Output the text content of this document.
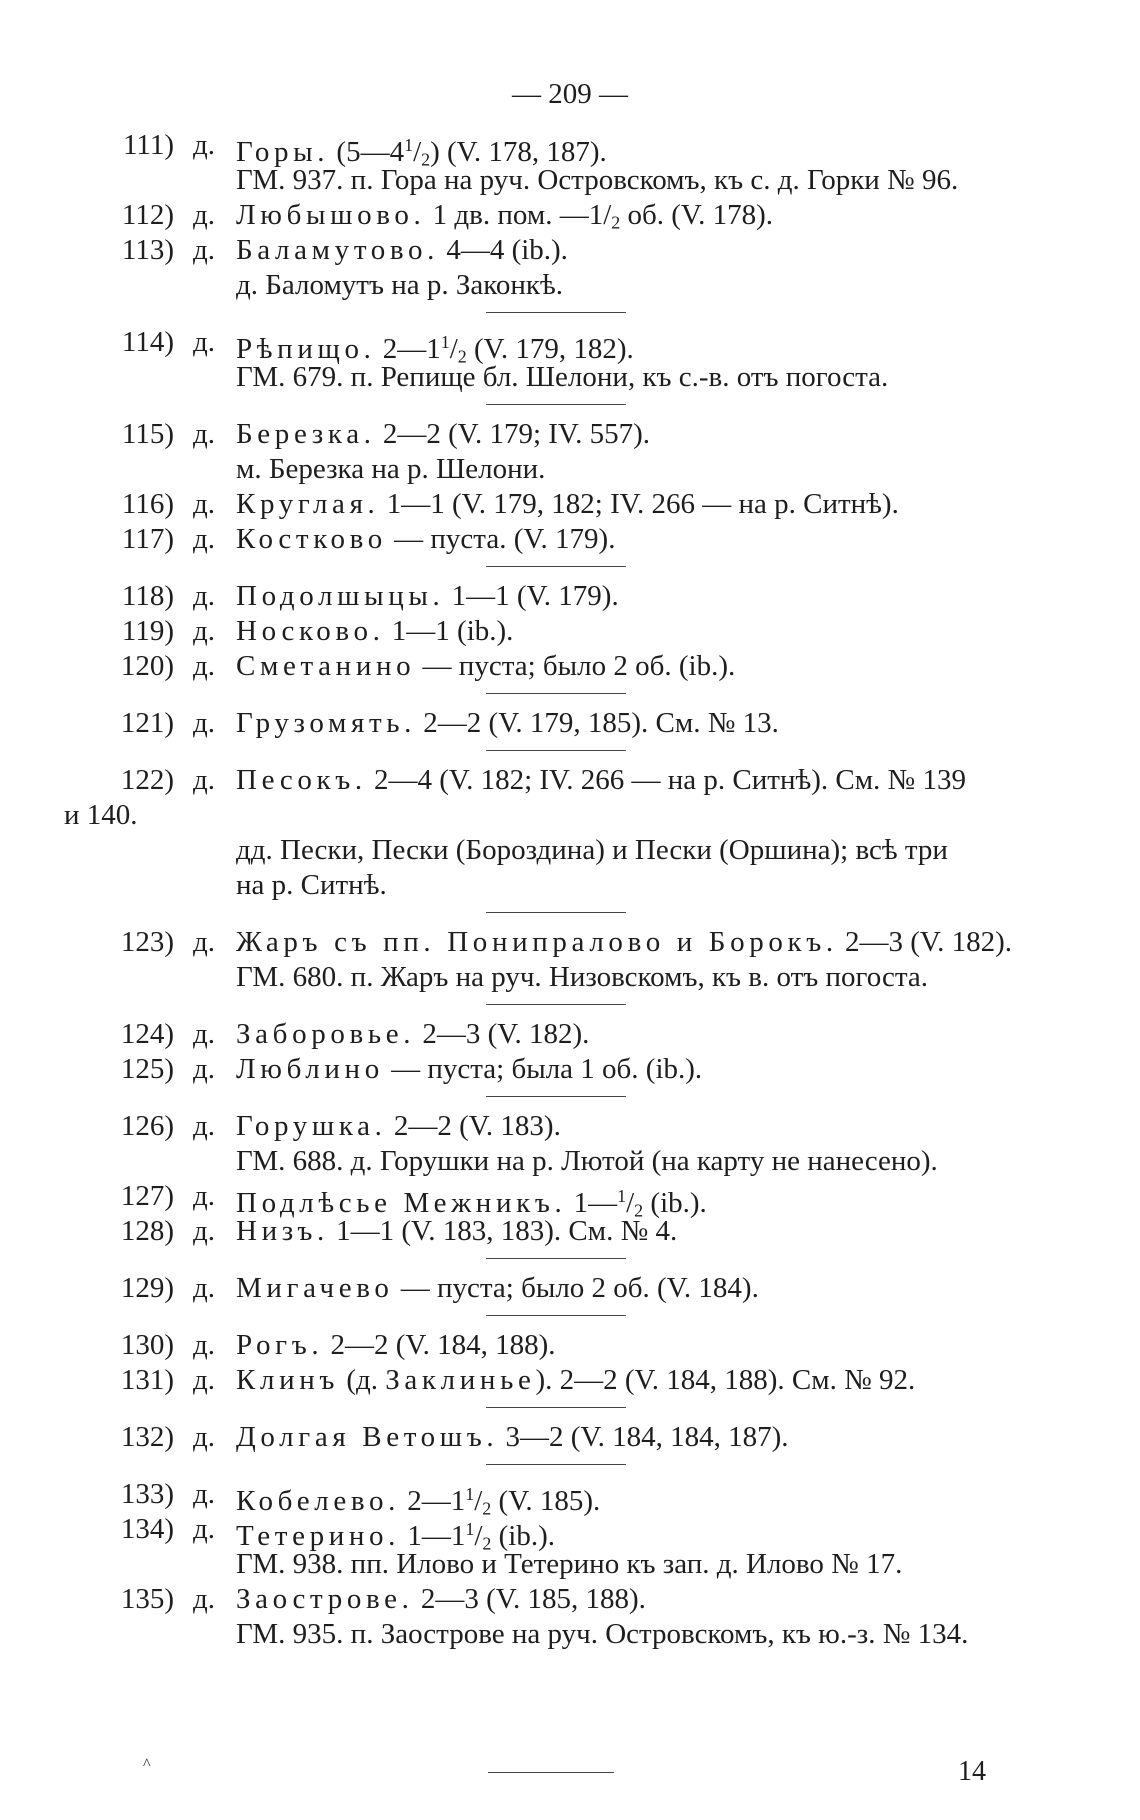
— 209 —
111) д. Горы. $(5—4^1/_2)$ (V. 178, 187).
ГМ. 937. п. Гора на руч. Островскомъ, къ с. д. Горки № 96.
112) д. Любышово. 1 дв. пом. $—1/_2$ об. (V. 178).
113) д. Баламутово. 4—4 (ib.).
д. Баломутъ на р. Законкѣ.
114) д. Рѣпищо. $2—1^1/_2$ (V. 179, 182).
ГМ. 679. п. Репище бл. Шелони, къ с.-в. отъ погоста.
115) д. Березка. 2—2 (V. 179; IV. 557).
м. Березка на р. Шелони.
116) д. Круглая. 1—1 (V. 179, 182; IV. 266 — на р. Ситнѣ).
117) д. Костково — пуста. (V. 179).
118) д. Подолшыцы. 1—1 (V. 179).
119) д. Носково. 1—1 (ib.).
120) д. Сметанино — пуста; было 2 об. (ib.).
121) д. Грузомять. 2—2 (V. 179, 185). См. № 13.
122) д. Песокъ. 2—4 (V. 182; IV. 266 — на р. Ситнѣ). См. № 139
и 140.
дд. Пески, Пески (Бороздина) и Пески (Оршина); всѣ три
на р. Ситнѣ.
123) д. Жаръ съ пп. Понипралово и Борокъ. 2—3 (V. 182).
ГМ. 680. п. Жаръ на руч. Низовскомъ, къ в. отъ погоста.
124) д. Заборовье. 2—3 (V. 182).
125) д. Люблино — пуста; была 1 об. (ib.).
126) д. Горушка. 2—2 (V. 183).
ГМ. 688. д. Горушки на р. Лютой (на карту не нанесено).
127) д. Подлѣсье Межникъ. $1—^1/_2$ (ib.).
128) д. Низъ. 1—1 (V. 183, 183). См. № 4.
129) д. Мигачево — пуста; было 2 об. (V. 184).
130) д. Рогъ. 2—2 (V. 184, 188).
131) д. Клинъ (д. Заклинье). 2—2 (V. 184, 188). См. № 92.
132) д. Долгая Ветошъ. 3—2 (V. 184, 184, 187).
133) д. Кобелево. $2—1^1/_2$ (V. 185).
134) д. Тетерино. $1—1^1/_2$ (ib.).
ГМ. 938. пп. Илово и Тетерино къ зап. д. Илово № 17.
135) д. Заострове. 2—3 (V. 185, 188).
ГМ. 935. п. Заострове на руч. Островскомъ, къ ю.-з. № 134.
^	14
